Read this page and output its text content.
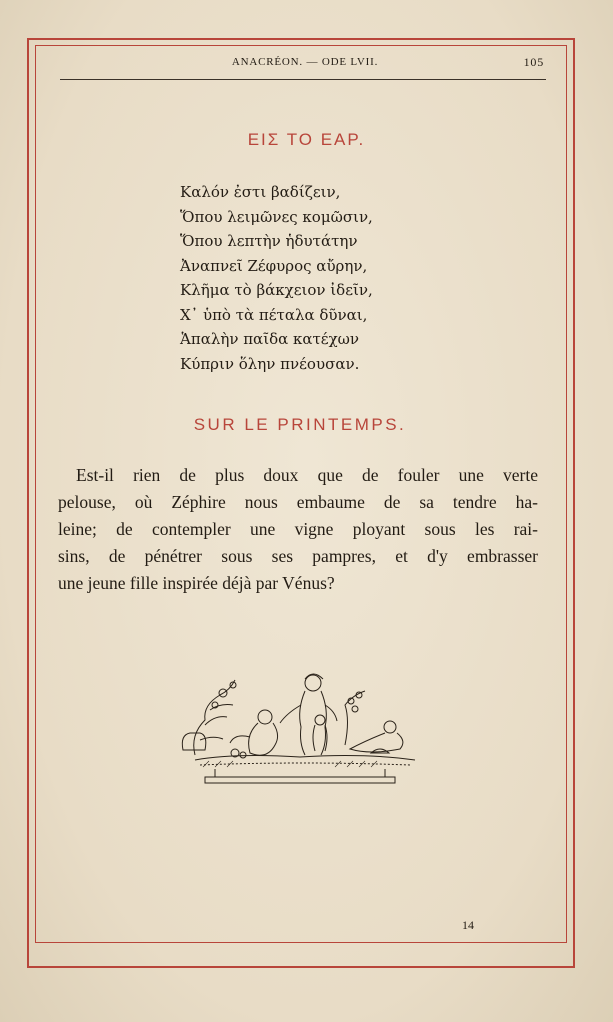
ANACRÉON. — ODE LVII.	105
ΕΙΣ ΤΟ ΕΑΡ.
Καλόν ἐστι βαδίζειν,
Ὅπου λειμῶνες κομῶσιν,
Ὅπου λεπτὴν ἡδυτάτην
Ἀναπνεῖ Ζέφυρος αὔρην,
Κλῆμα τὸ βάκχειον ἰδεῖν,
Χ᾽ ὑπὸ τὰ πέταλα δῦναι,
Ἁπαλὴν παῖδα κατέχων
Κύπριν ὅλην πνέουσαν.
SUR LE PRINTEMPS.

Est-il rien de plus doux que de fouler une verte
pelouse, où Zéphire nous embaume de sa tendre ha-
leine; de contempler une vigne ployant sous les rai-
sins, de pénétrer sous ses pampres, et d'y embrasser
une jeune fille inspirée déjà par Vénus?

14
